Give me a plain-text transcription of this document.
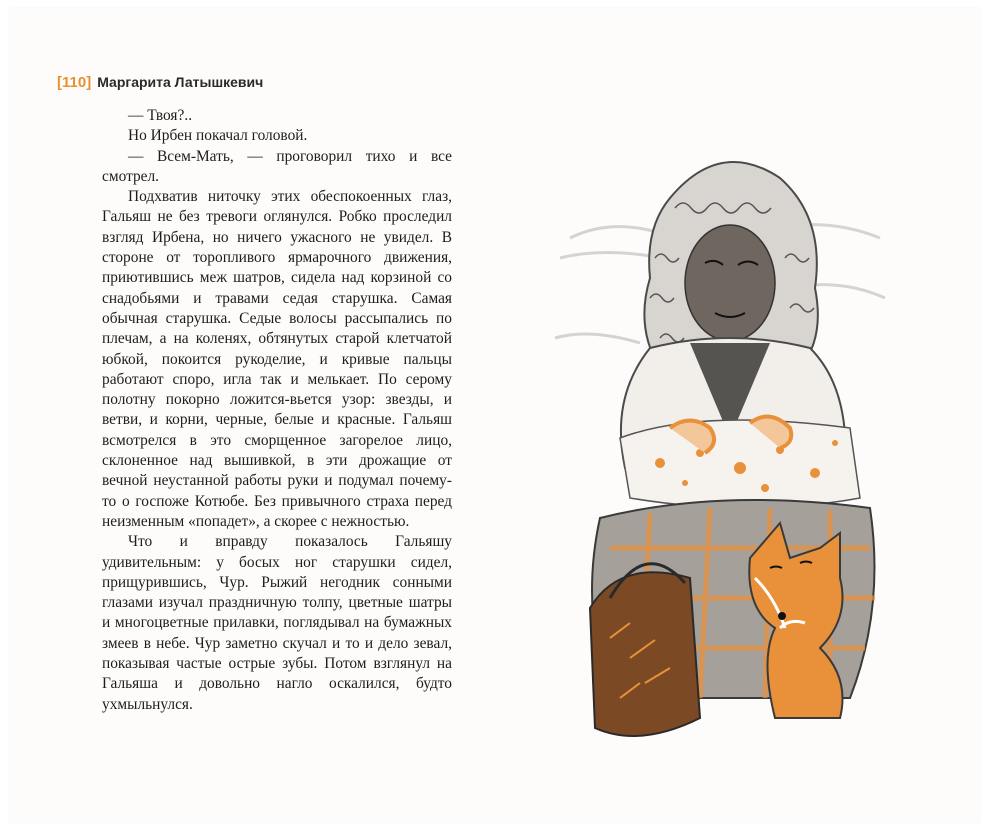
[110] Маргарита Латышкевич

— Твоя?..

Но Ирбен покачал головой.

— Всем-Мать, — проговорил тихо и все смотрел.

Подхватив ниточку этих обеспокоенных глаз, Гальяш не без тревоги оглянулся. Робко проследил взгляд Ирбена, но ничего ужасного не увидел. В стороне от торопливого ярмарочного движения, приютившись меж шатров, сидела над корзиной со снадобьями и травами седая старушка. Самая обычная старушка. Седые волосы рассыпались по плечам, а на коленях, обтянутых старой клетчатой юбкой, покоится рукоделие, и кривые пальцы работают споро, игла так и мелькает. По серому полотну покорно ложится-вьется узор: звезды, и ветви, и корни, черные, белые и красные. Гальяш всмотрелся в это сморщенное загорелое лицо, склоненное над вышивкой, в эти дрожащие от вечной неустанной работы руки и подумал почему-то о госпоже Котюбе. Без привычного страха перед неизменным «попадет», а скорее с нежностью.

Что и вправду показалось Гальяшу удивительным: у босых ног старушки сидел, прищурившись, Чур. Рыжий негодник сонными глазами изучал праздничную толпу, цветные шатры и многоцветные прилавки, поглядывал на бумажных змеев в небе. Чур заметно скучал и то и дело зевал, показывая частые острые зубы. Потом взглянул на Гальяша и довольно нагло оскалился, будто ухмыльнулся.
